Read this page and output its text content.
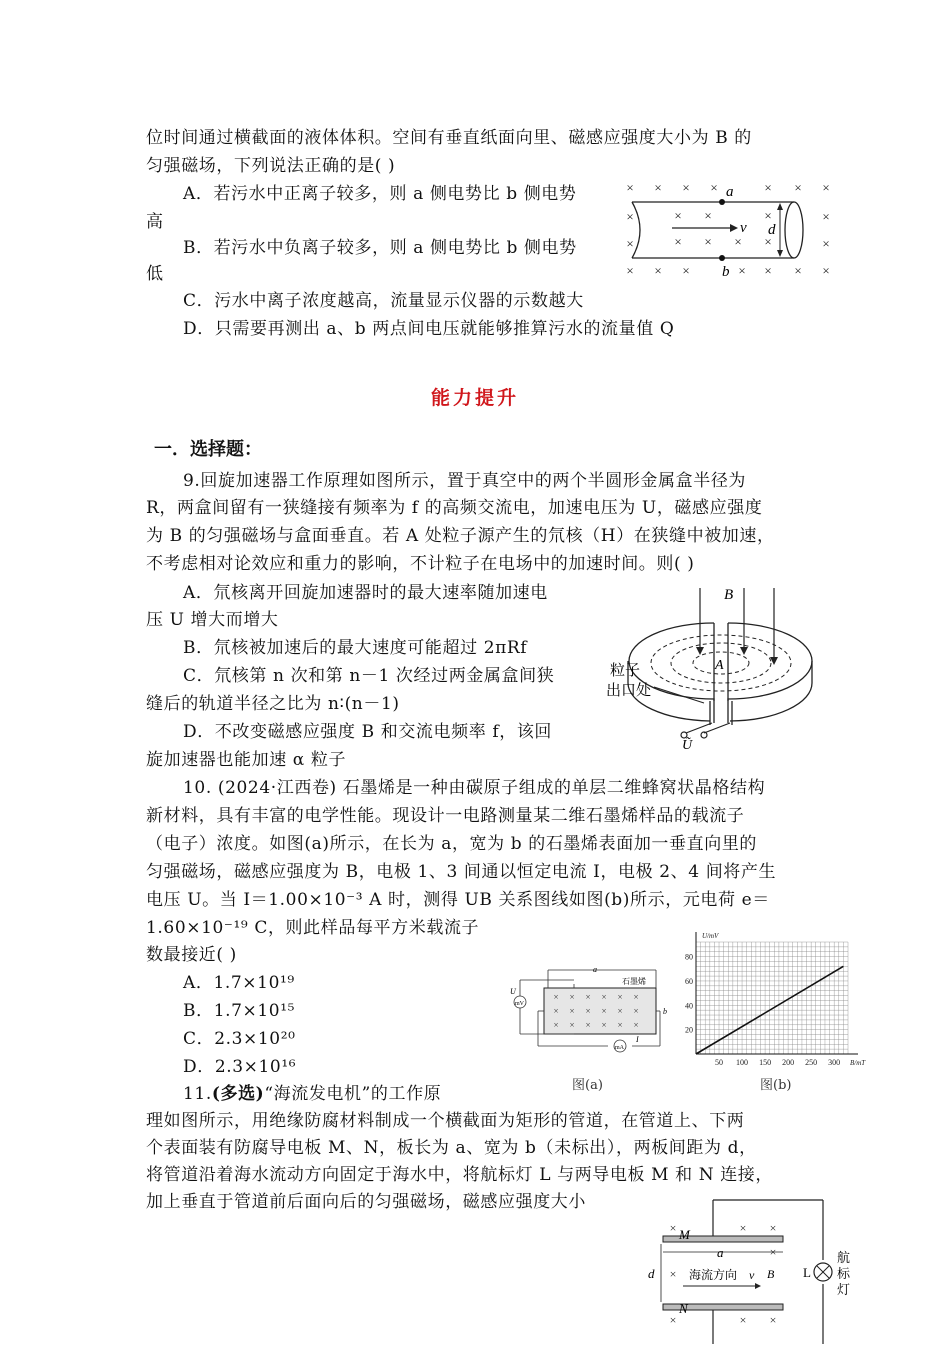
位时间通过横截面的液体体积。空间有垂直纸面向里、磁感应强度大小为 B 的
匀强磁场，下列说法正确的是( )
A．若污水中正离子较多，则 a 侧电势比 b 侧电势
高
B．若污水中负离子较多，则 a 侧电势比 b 侧电势
低
C．污水中离子浓度越高，流量显示仪器的示数越大
D．只需要再测出 a、b 两点间电压就能够推算污水的流量值 Q
× × × ×	× × ×
×	×
×	×
× × ×	× × × ×
× ×	×
× × × ×
a
b
v d
能力提升
一．选择题：
9.回旋加速器工作原理如图所示，置于真空中的两个半圆形金属盒半径为
R，两盒间留有一狭缝接有频率为 f 的高频交流电，加速电压为 U，磁感应强度
为 B 的匀强磁场与盒面垂直。若 A 处粒子源产生的氘核（H）在狭缝中被加速，
不考虑相对论效应和重力的影响，不计粒子在电场中的加速时间。则( )
A．氘核离开回旋加速器时的最大速率随加速电
压 U 增大而增大
B．氘核被加速后的最大速度可能超过 2πRf
C．氘核第 n 次和第 n－1 次经过两金属盒间狭
缝后的轨道半径之比为 n∶(n－1)
D．不改变磁感应强度 B 和交流电频率 f，该回
旋加速器也能加速 α 粒子
B
A
粒子
出口处
Ũ
10. (2024·江西卷) 石墨烯是一种由碳原子组成的单层二维蜂窝状晶格结构
新材料，具有丰富的电学性能。现设计一电路测量某二维石墨烯样品的载流子
（电子）浓度。如图(a)所示，在长为 a，宽为 b 的石墨烯表面加一垂直向里的
匀强磁场，磁感应强度为 B，电极 1、3 间通以恒定电流 I，电极 2、4 间将产生
电压 U。当 I＝1.00×10⁻³ A 时，测得 UB 关系图线如图(b)所示，元电荷 e＝
1.60×10⁻¹⁹ C，则此样品每平方米载流子
数最接近( )
A．1.7×10¹⁹
B．1.7×10¹⁵
C．2.3×10²⁰
D．2.3×10¹⁶
× × × × × ×
× × × × × ×
× × × × × ×
mV
mA
a
石墨烯
U
b
I
图(a)
50 100 150 200 250 300
20
40
60
80
B/mT
U/mV
图(b)
11.(多选)“海流发电机”的工作原
理如图所示，用绝缘防腐材料制成一个横截面为矩形的管道，在管道上、下两
个表面装有防腐导电板 M、N，板长为 a、宽为 b（未标出），两板间距为 d，
将管道沿着海水流动方向固定于海水中，将航标灯 L 与两导电板 M 和 N 连接，
加上垂直于管道前后面向后的匀强磁场，磁感应强度大小
×	× ×
×
×
×	× ×
M
N
a
d	海流方向 v B L
航
标
灯
